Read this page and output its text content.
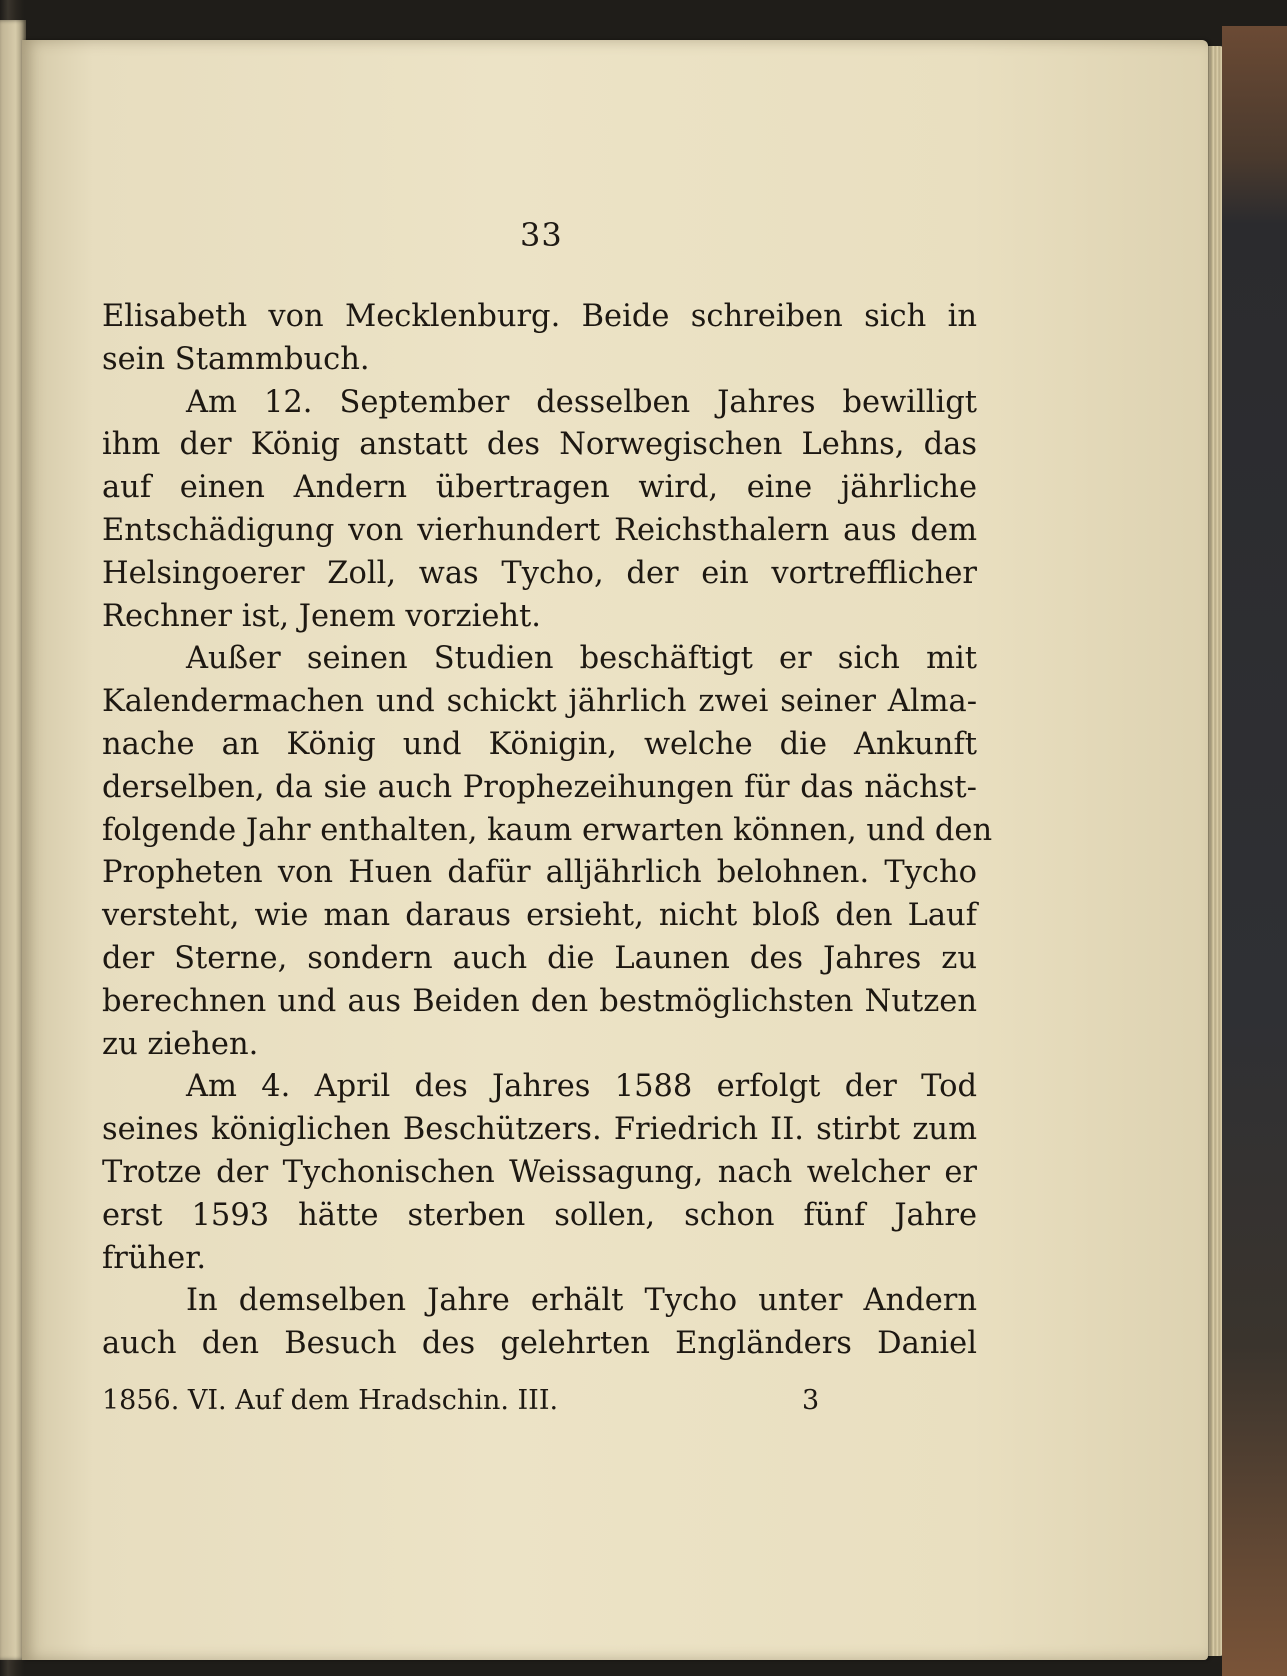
33
Elisabeth von Mecklenburg. Beide schreiben sich in
sein Stammbuch.
Am 12. September desselben Jahres bewilligt
ihm der König anstatt des Norwegischen Lehns, das
auf einen Andern übertragen wird, eine jährliche
Entschädigung von vierhundert Reichsthalern aus dem
Helsingoerer Zoll, was Tycho, der ein vortrefflicher
Rechner ist, Jenem vorzieht.
Außer seinen Studien beschäftigt er sich mit
Kalendermachen und schickt jährlich zwei seiner Alma-
nache an König und Königin, welche die Ankunft
derselben, da sie auch Prophezeihungen für das nächst-
folgende Jahr enthalten, kaum erwarten können, und den
Propheten von Huen dafür alljährlich belohnen. Tycho
versteht, wie man daraus ersieht, nicht bloß den Lauf
der Sterne, sondern auch die Launen des Jahres zu
berechnen und aus Beiden den bestmöglichsten Nutzen
zu ziehen.
Am 4. April des Jahres 1588 erfolgt der Tod
seines königlichen Beschützers. Friedrich II. stirbt zum
Trotze der Tychonischen Weissagung, nach welcher er
erst 1593 hätte sterben sollen, schon fünf Jahre
früher.
In demselben Jahre erhält Tycho unter Andern
auch den Besuch des gelehrten Engländers Daniel
1856. VI. Auf dem Hradschin. III.	3
